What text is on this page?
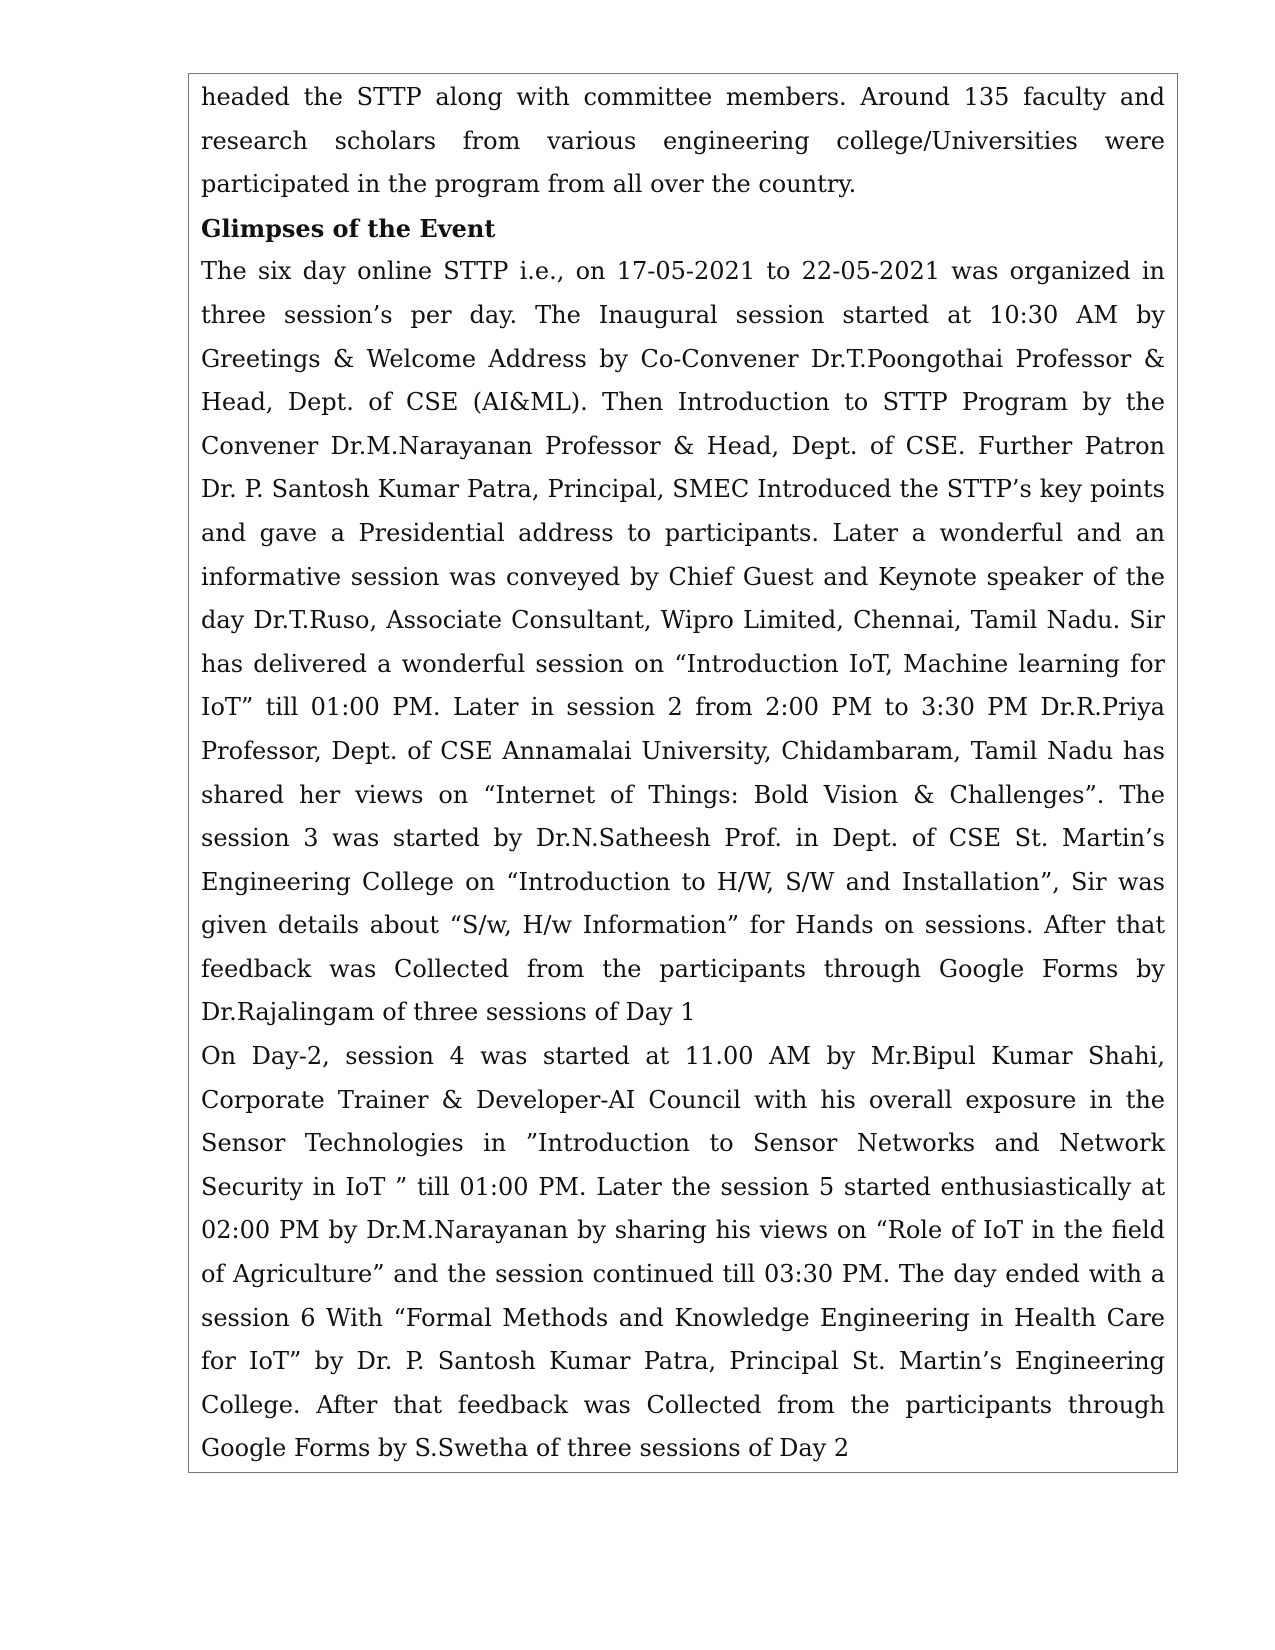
headed the STTP along with committee members. Around 135 faculty and research scholars from various engineering college/Universities were participated in the program from all over the country.

Glimpses of the Event

The six day online STTP i.e., on 17-05-2021 to 22-05-2021 was organized in three session’s per day. The Inaugural session started at 10:30 AM by Greetings & Welcome Address by Co-Convener Dr.T.Poongothai Professor & Head, Dept. of CSE (AI&ML). Then Introduction to STTP Program by the Convener Dr.M.Narayanan Professor & Head, Dept. of CSE. Further Patron Dr. P. Santosh Kumar Patra, Principal, SMEC Introduced the STTP’s key points and gave a Presidential address to participants. Later a wonderful and an informative session was conveyed by Chief Guest and Keynote speaker of the day Dr.T.Ruso, Associate Consultant, Wipro Limited, Chennai, Tamil Nadu. Sir has delivered a wonderful session on “Introduction IoT, Machine learning for IoT” till 01:00 PM. Later in session 2 from 2:00 PM to 3:30 PM Dr.R.Priya Professor, Dept. of CSE Annamalai University, Chidambaram, Tamil Nadu has shared her views on “Internet of Things: Bold Vision & Challenges”. The session 3 was started by Dr.N.Satheesh Prof. in Dept. of CSE St. Martin’s Engineering College on “Introduction to H/W, S/W and Installation”, Sir was given details about “S/w, H/w Information” for Hands on sessions. After that feedback was Collected from the participants through Google Forms by Dr.Rajalingam of three sessions of Day 1

On Day-2, session 4 was started at 11.00 AM by Mr.Bipul Kumar Shahi, Corporate Trainer & Developer-AI Council with his overall exposure in the Sensor Technologies in ”Introduction to Sensor Networks and Network Security in IoT ” till 01:00 PM. Later the session 5 started enthusiastically at 02:00 PM by Dr.M.Narayanan by sharing his views on “Role of IoT in the field of Agriculture” and the session continued till 03:30 PM. The day ended with a session 6 With “Formal Methods and Knowledge Engineering in Health Care for IoT” by Dr. P. Santosh Kumar Patra, Principal St. Martin’s Engineering College. After that feedback was Collected from the participants through Google Forms by S.Swetha of three sessions of Day 2
